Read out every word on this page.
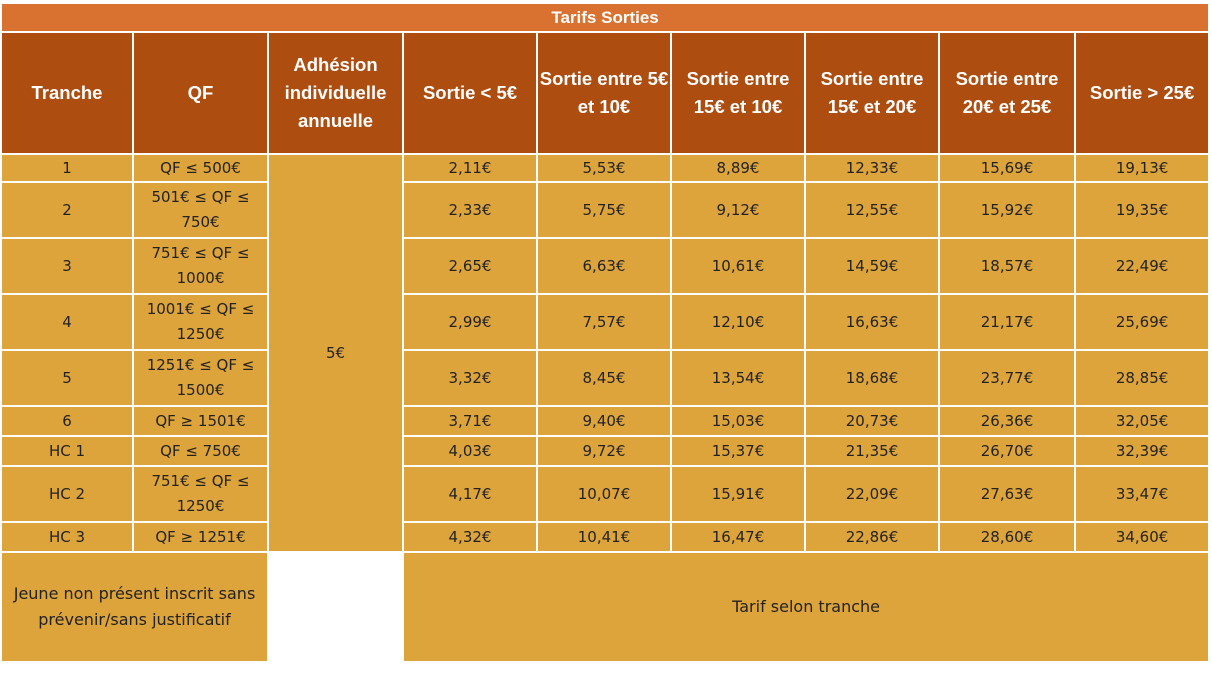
Tarifs Sorties								
Tranche	QF	Adhésion individuelle annuelle	Sortie < 5€	Sortie entre 5€ et 10€	Sortie entre 15€ et 10€	Sortie entre 15€ et 20€	Sortie entre 20€ et 25€	Sortie > 25€
1	QF ≤ 500€	5€	2,11€	5,53€	8,89€	12,33€	15,69€	19,13€
2	501€ ≤ QF ≤ 750€		2,33€	5,75€	9,12€	12,55€	15,92€	19,35€
3	751€ ≤ QF ≤ 1000€		2,65€	6,63€	10,61€	14,59€	18,57€	22,49€
4	1001€ ≤ QF ≤ 1250€		2,99€	7,57€	12,10€	16,63€	21,17€	25,69€
5	1251€ ≤ QF ≤ 1500€		3,32€	8,45€	13,54€	18,68€	23,77€	28,85€
6	QF ≥ 1501€		3,71€	9,40€	15,03€	20,73€	26,36€	32,05€
HC 1	QF ≤ 750€		4,03€	9,72€	15,37€	21,35€	26,70€	32,39€
HC 2	751€ ≤ QF ≤ 1250€		4,17€	10,07€	15,91€	22,09€	27,63€	33,47€
HC 3	QF ≥ 1251€		4,32€	10,41€	16,47€	22,86€	28,60€	34,60€
Jeune non présent inscrit sans prévenir/sans justificatif			Tarif selon tranche					
